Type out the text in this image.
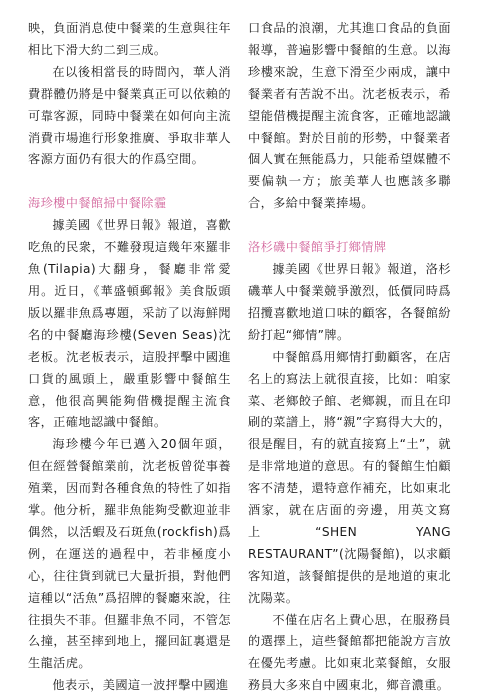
映，負面消息使中餐業的生意與往年相比下滑大約二到三成。

在以後相當長的時間內，華人消費群體仍將是中餐業真正可以依賴的可靠客源，同時中餐業在如何向主流消費市場進行形象推廣、爭取非華人客源方面仍有很大的作爲空間。

海珍樓中餐館掃中餐除霾

據美國《世界日報》報道，喜歡吃魚的民衆，不難發現這幾年來羅非魚(Tilapia)大翻身，餐廳非常愛用。近日，《華盛頓郵報》美食版頭版以羅非魚爲專題，采訪了以海鮮聞名的中餐廳海珍樓(Seven Seas)沈老板。沈老板表示，這股抨擊中國進口貨的風頭上，嚴重影響中餐館生意，他很高興能夠借機提醒主流食客，正確地認識中餐館。

海珍樓今年已邁入20個年頭，但在經營餐館業前，沈老板曾從事養殖業，因而對各種食魚的特性了如指掌。他分析，羅非魚能夠受歡迎並非偶然，以活蝦及石斑魚(rockfish)爲例，在運送的過程中，若非極度小心，往往貨到就已大量折損，對他們這種以“活魚”爲招牌的餐廳來說，往往損失不菲。但羅非魚不同，不管怎么撞，甚至摔到地上，擺回缸裏還是生龍活虎。

他表示，美國這一波抨擊中國進

口食品的浪潮，尤其進口食品的負面報導，普遍影響中餐館的生意。以海珍樓來說，生意下滑至少兩成，讓中餐業者有苦說不出。沈老板表示，希望能借機提醒主流食客，正確地認識中餐館。對於目前的形勢，中餐業者個人實在無能爲力，只能希望媒體不要偏執一方；旅美華人也應該多聯合，多給中餐業捧場。

洛杉磯中餐館爭打鄉情牌

據美國《世界日報》報道，洛杉磯華人中餐業競爭激烈，低價同時爲招攬喜歡地道口味的顧客，各餐館紛紛打起“鄉情”牌。

中餐館爲用鄉情打動顧客，在店名上的寫法上就很直接，比如：咱家菜、老鄉餃子館、老鄉親，而且在印刷的菜譜上，將“親”字寫得大大的，很是醒目，有的就直接寫上“土”，就是非常地道的意思。有的餐館生怕顧客不清楚，還特意作補充，比如東北酒家，就在店面的旁邊，用英文寫上“SHEN YANG RESTAURANT”(沈陽餐館)，以求顧客知道，該餐館提供的是地道的東北沈陽菜。

不僅在店名上費心思，在服務員的選擇上，這些餐館都把能說方言放在優先考慮。比如東北菜餐館，女服務員大多來自中國東北，鄉音濃重。
